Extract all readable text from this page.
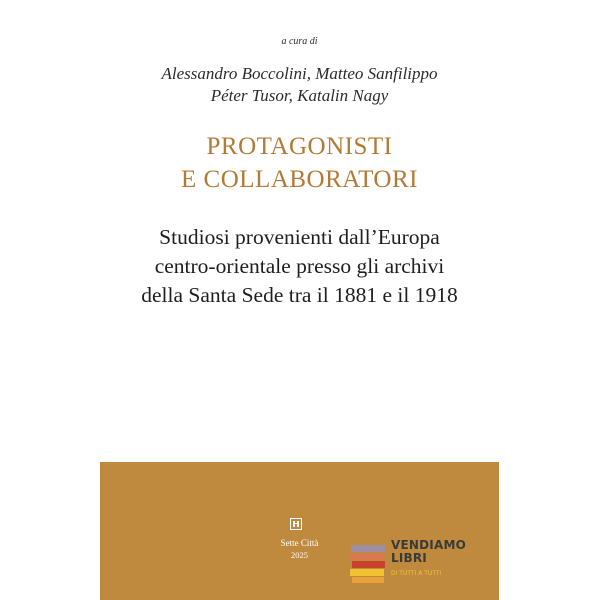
a cura di
Alessandro Boccolini, Matteo Sanfilippo
Péter Tusor, Katalin Nagy
PROTAGONISTI
E COLLABORATORI
Studiosi provenienti dall’Europa
centro-orientale presso gli archivi
della Santa Sede tra il 1881 e il 1918
Sette Città
2025
VENDIAMO
LIBRI
DI TUTTI A TUTTI
